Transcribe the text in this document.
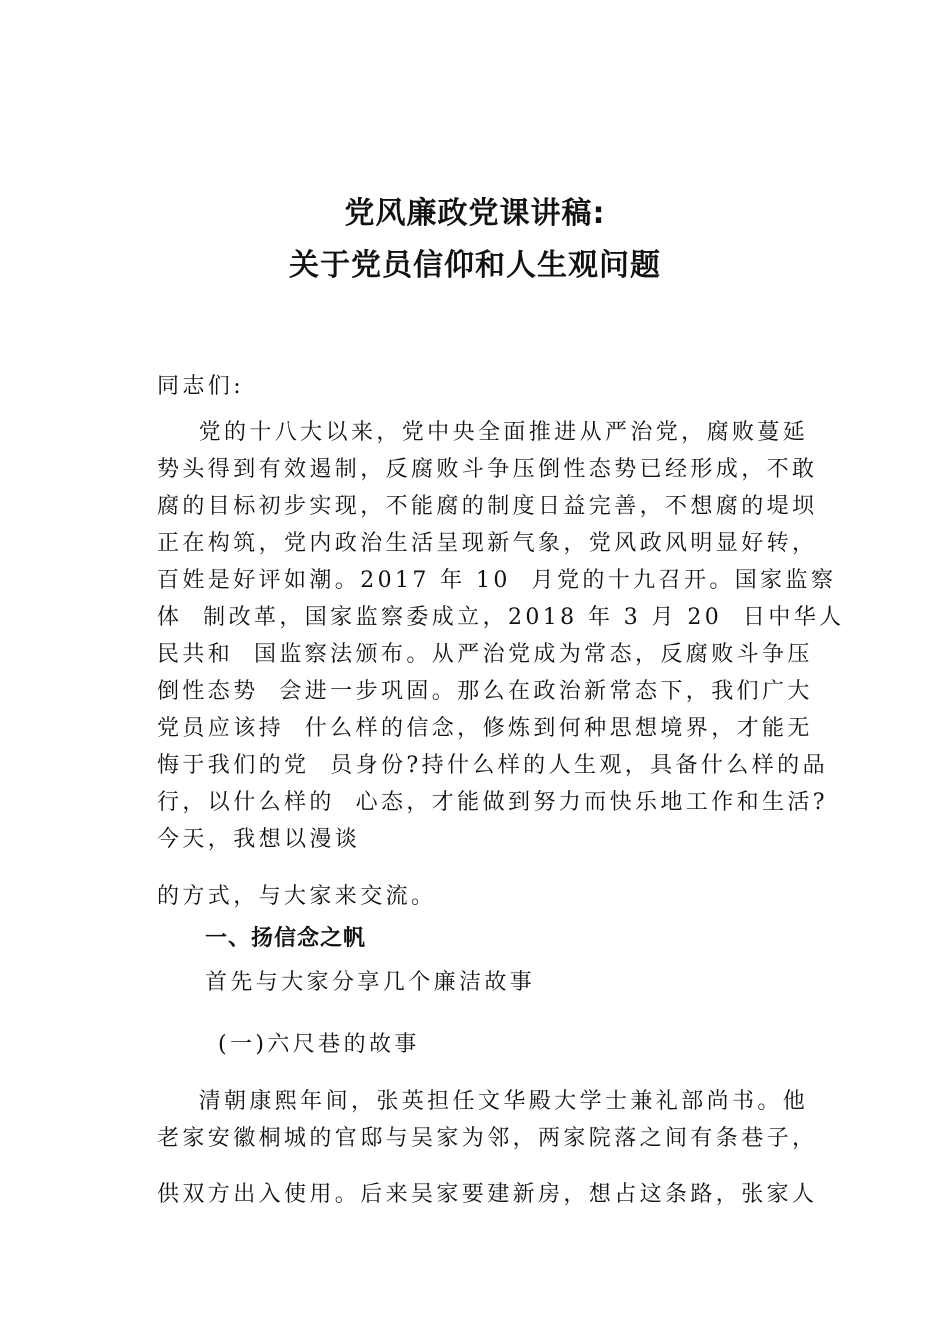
党风廉政党课讲稿:
关于党员信仰和人生观问题
同志们:
党的十八大以来，党中央全面推进从严治党，腐败蔓延
势头得到有效遏制，反腐败斗争压倒性态势已经形成，不敢
腐的目标初步实现，不能腐的制度日益完善，不想腐的堤坝
正在构筑，党内政治生活呈现新气象，党风政风明显好转，
百姓是好评如潮。2017 年 10  月党的十九召开。国家监察
体  制改革，国家监察委成立，2018 年 3 月 20  日中华人
民共和  国监察法颁布。从严治党成为常态，反腐败斗争压
倒性态势  会进一步巩固。那么在政治新常态下，我们广大
党员应该持  什么样的信念，修炼到何种思想境界，才能无
悔于我们的党  员身份?持什么样的人生观，具备什么样的品
行，以什么样的  心态，才能做到努力而快乐地工作和生活?
今天，我想以漫谈
的方式，与大家来交流。
一、扬信念之帆
首先与大家分享几个廉洁故事
(一)六尺巷的故事
清朝康熙年间，张英担任文华殿大学士兼礼部尚书。他
老家安徽桐城的官邸与吴家为邻，两家院落之间有条巷子，
供双方出入使用。后来吴家要建新房，想占这条路，张家人
